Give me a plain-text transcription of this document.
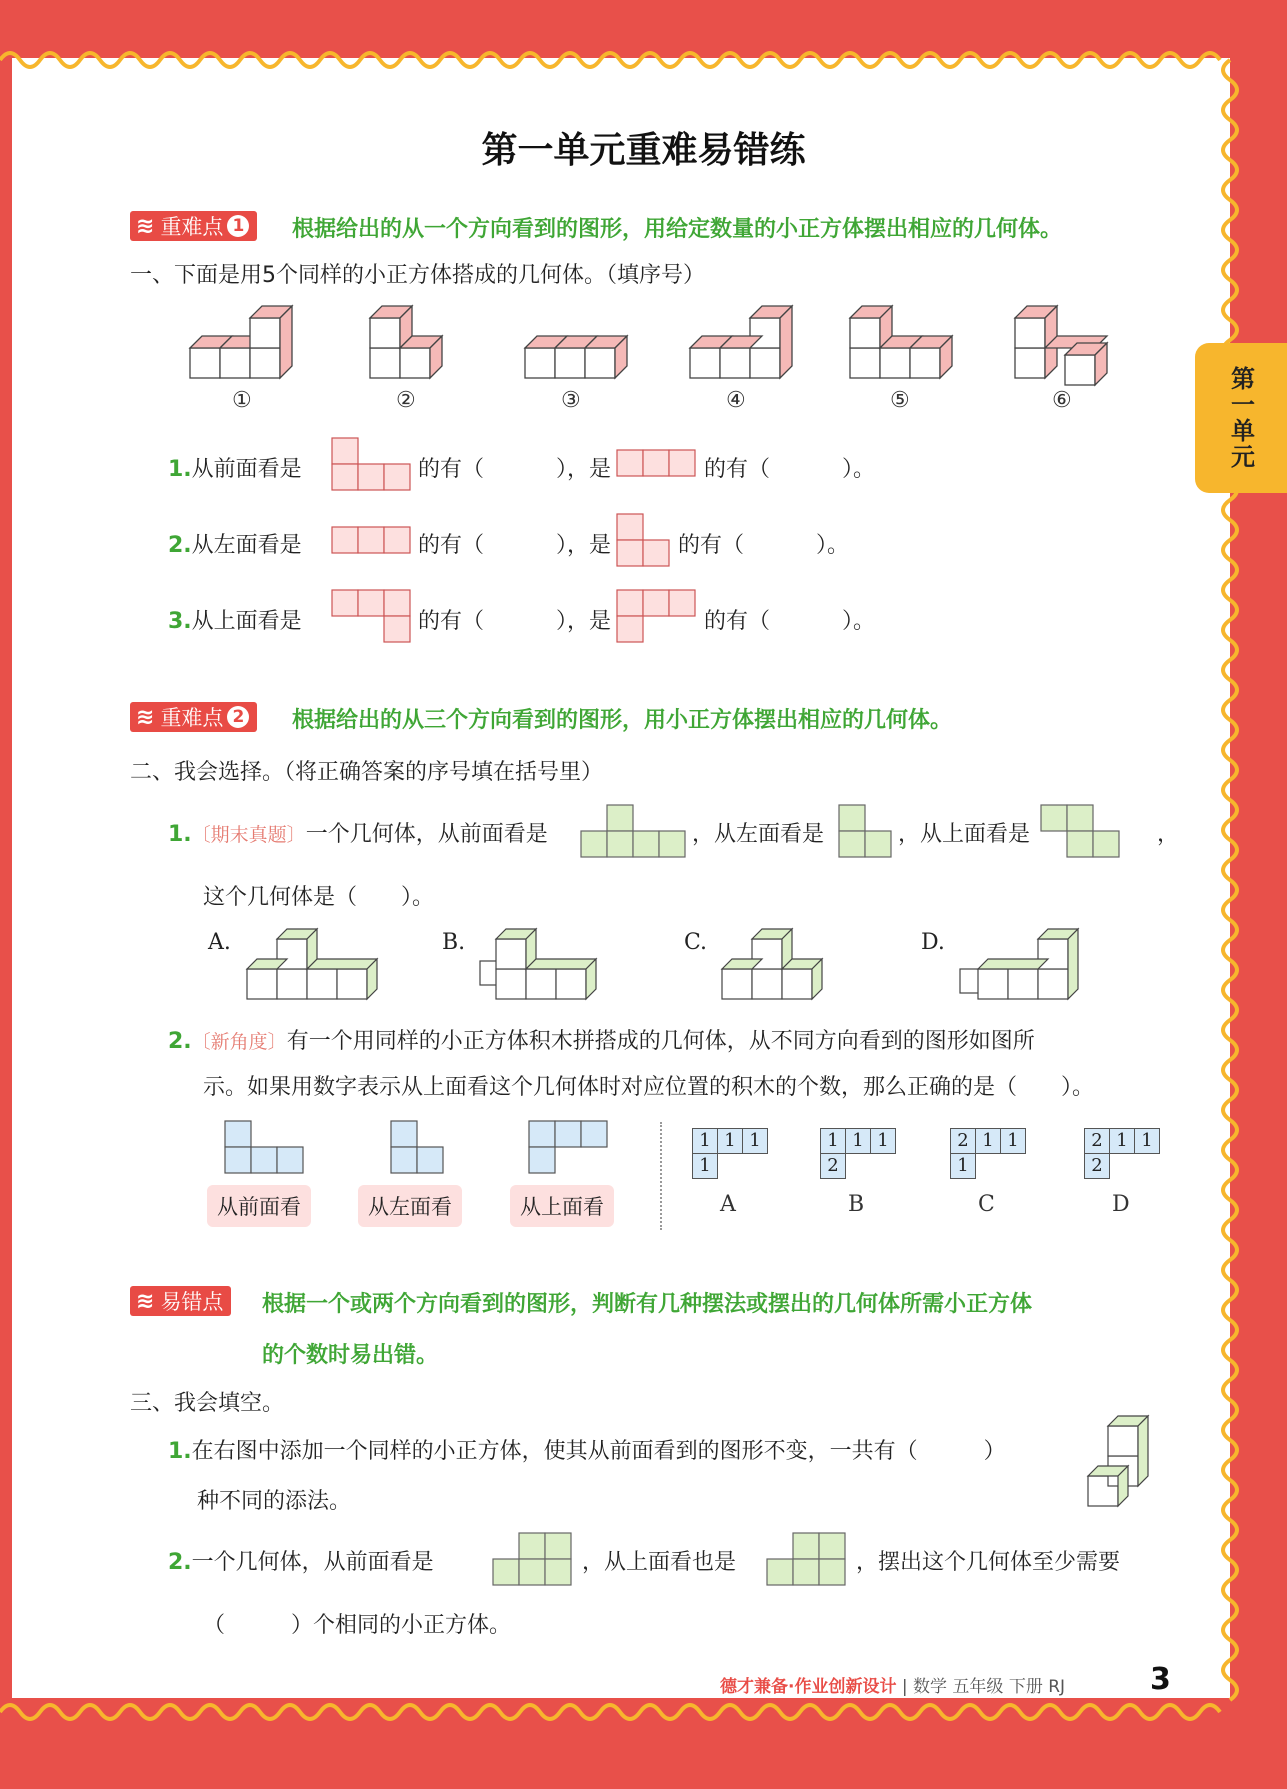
第一单元
第一单元重难易错练
≋ 重难点 1 根据给出的从一个方向看到的图形，用给定数量的小正方体摆出相应的几何体。
一、下面是用5个同样的小正方体搭成的几何体。（填序号）
①	②	③	④	⑤	⑥
1.从前面看是	的有（	），是	的有（	）。
2.从左面看是	的有（	），是	的有（	）。
3.从上面看是	的有（	），是	的有（	）。
≋ 重难点 2 根据给出的从三个方向看到的图形，用小正方体摆出相应的几何体。
二、我会选择。（将正确答案的序号填在括号里）
1.〔期末真题〕一个几何体，从前面看是	，从左面看是	，从上面看是	，
这个几何体是（　　）。
A.	B.	C.	D.
2.〔新角度〕有一个用同样的小正方体积木拼搭成的几何体，从不同方向看到的图形如图所
示。如果用数字表示从上面看这个几何体时对应位置的积木的个数，那么正确的是（　　）。
从前面看	从左面看	从上面看
1 1 1
1
A
1 1 1
2
B
2 1 1
1
C
2 1 1
2
D
≋ 易错点 根据一个或两个方向看到的图形，判断有几种摆法或摆出的几何体所需小正方体
的个数时易出错。
三、我会填空。
1.在右图中添加一个同样的小正方体，使其从前面看到的图形不变，一共有（　　　）
种不同的添法。
2.一个几何体，从前面看是	，从上面看也是	，摆出这个几何体至少需要
（　　　）个相同的小正方体。
德才兼备·作业创新设计 | 数学 五年级 下册 RJ	3
